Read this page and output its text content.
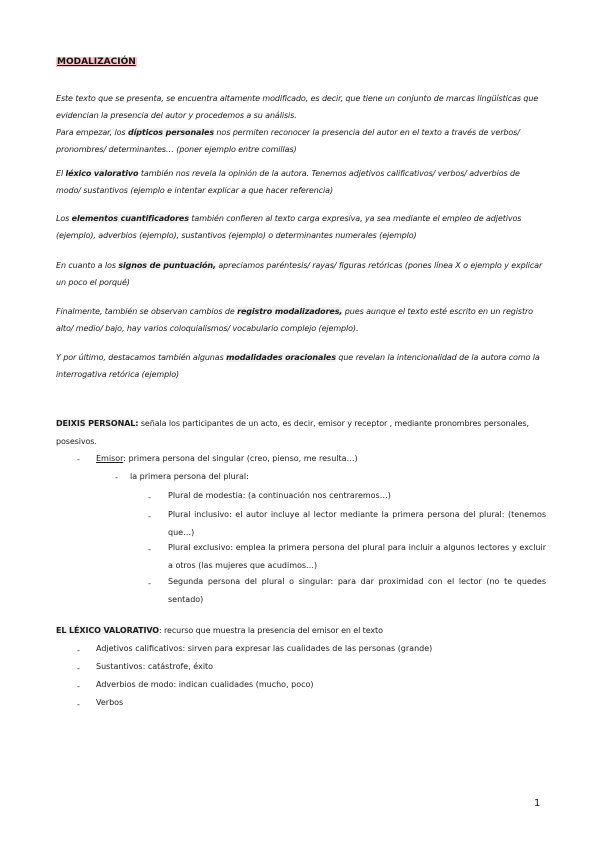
MODALIZACIÓN
Este texto que se presenta, se encuentra altamente modificado, es decir, que tiene un conjunto de marcas lingüísticas que evidencian la presencia del autor y procedemos a su análisis.
Para empezar, los dípticos personales nos permiten reconocer la presencia del autor en el texto a través de verbos/ pronombres/ determinantes… (poner ejemplo entre comillas)
El léxico valorativo también nos revela la opinión de la autora. Tenemos adjetivos calificativos/ verbos/ adverbios de modo/ sustantivos (ejemplo e intentar explicar a que hacer referencia)
Los elementos cuantificadores también confieren al texto carga expresiva, ya sea mediante el empleo de adjetivos (ejemplo), adverbios (ejemplo), sustantivos (ejemplo) o determinantes numerales (ejemplo)
En cuanto a los signos de puntuación, apreciamos paréntesis/ rayas/ figuras retóricas (pones línea X o ejemplo y explicar un poco el porqué)
Finalmente, también se observan cambios de registro modalizadores, pues aunque el texto esté escrito en un registro alto/ medio/ bajo, hay varios coloquialismos/ vocabulario complejo (ejemplo).
Y por último, destacamos también algunas modalidades oracionales que revelan la intencionalidad de la autora como la interrogativa retórica (ejemplo)
DEIXIS PERSONAL: señala los participantes de un acto, es decir, emisor y receptor , mediante pronombres personales, posesivos.
- Emisor: primera persona del singular (creo, pienso, me resulta…)
- la primera persona del plural:
- Plural de modestia: (a continuación nos centraremos…)
- Plural inclusivo: el autor incluye al lector mediante la primera persona del plural: (tenemos que…)
- Plural exclusivo: emplea la primera persona del plural para incluir a algunos lectores y excluir a otros (las mujeres que acudimos…)
- Segunda persona del plural o singular: para dar proximidad con el lector (no te quedes sentado)
EL LÉXICO VALORATIVO: recurso que muestra la presencia del emisor en el texto
- Adjetivos calificativos: sirven para expresar las cualidades de las personas (grande)
- Sustantivos: catástrofe, éxito
- Adverbios de modo: indican cualidades (mucho, poco)
- Verbos
1
